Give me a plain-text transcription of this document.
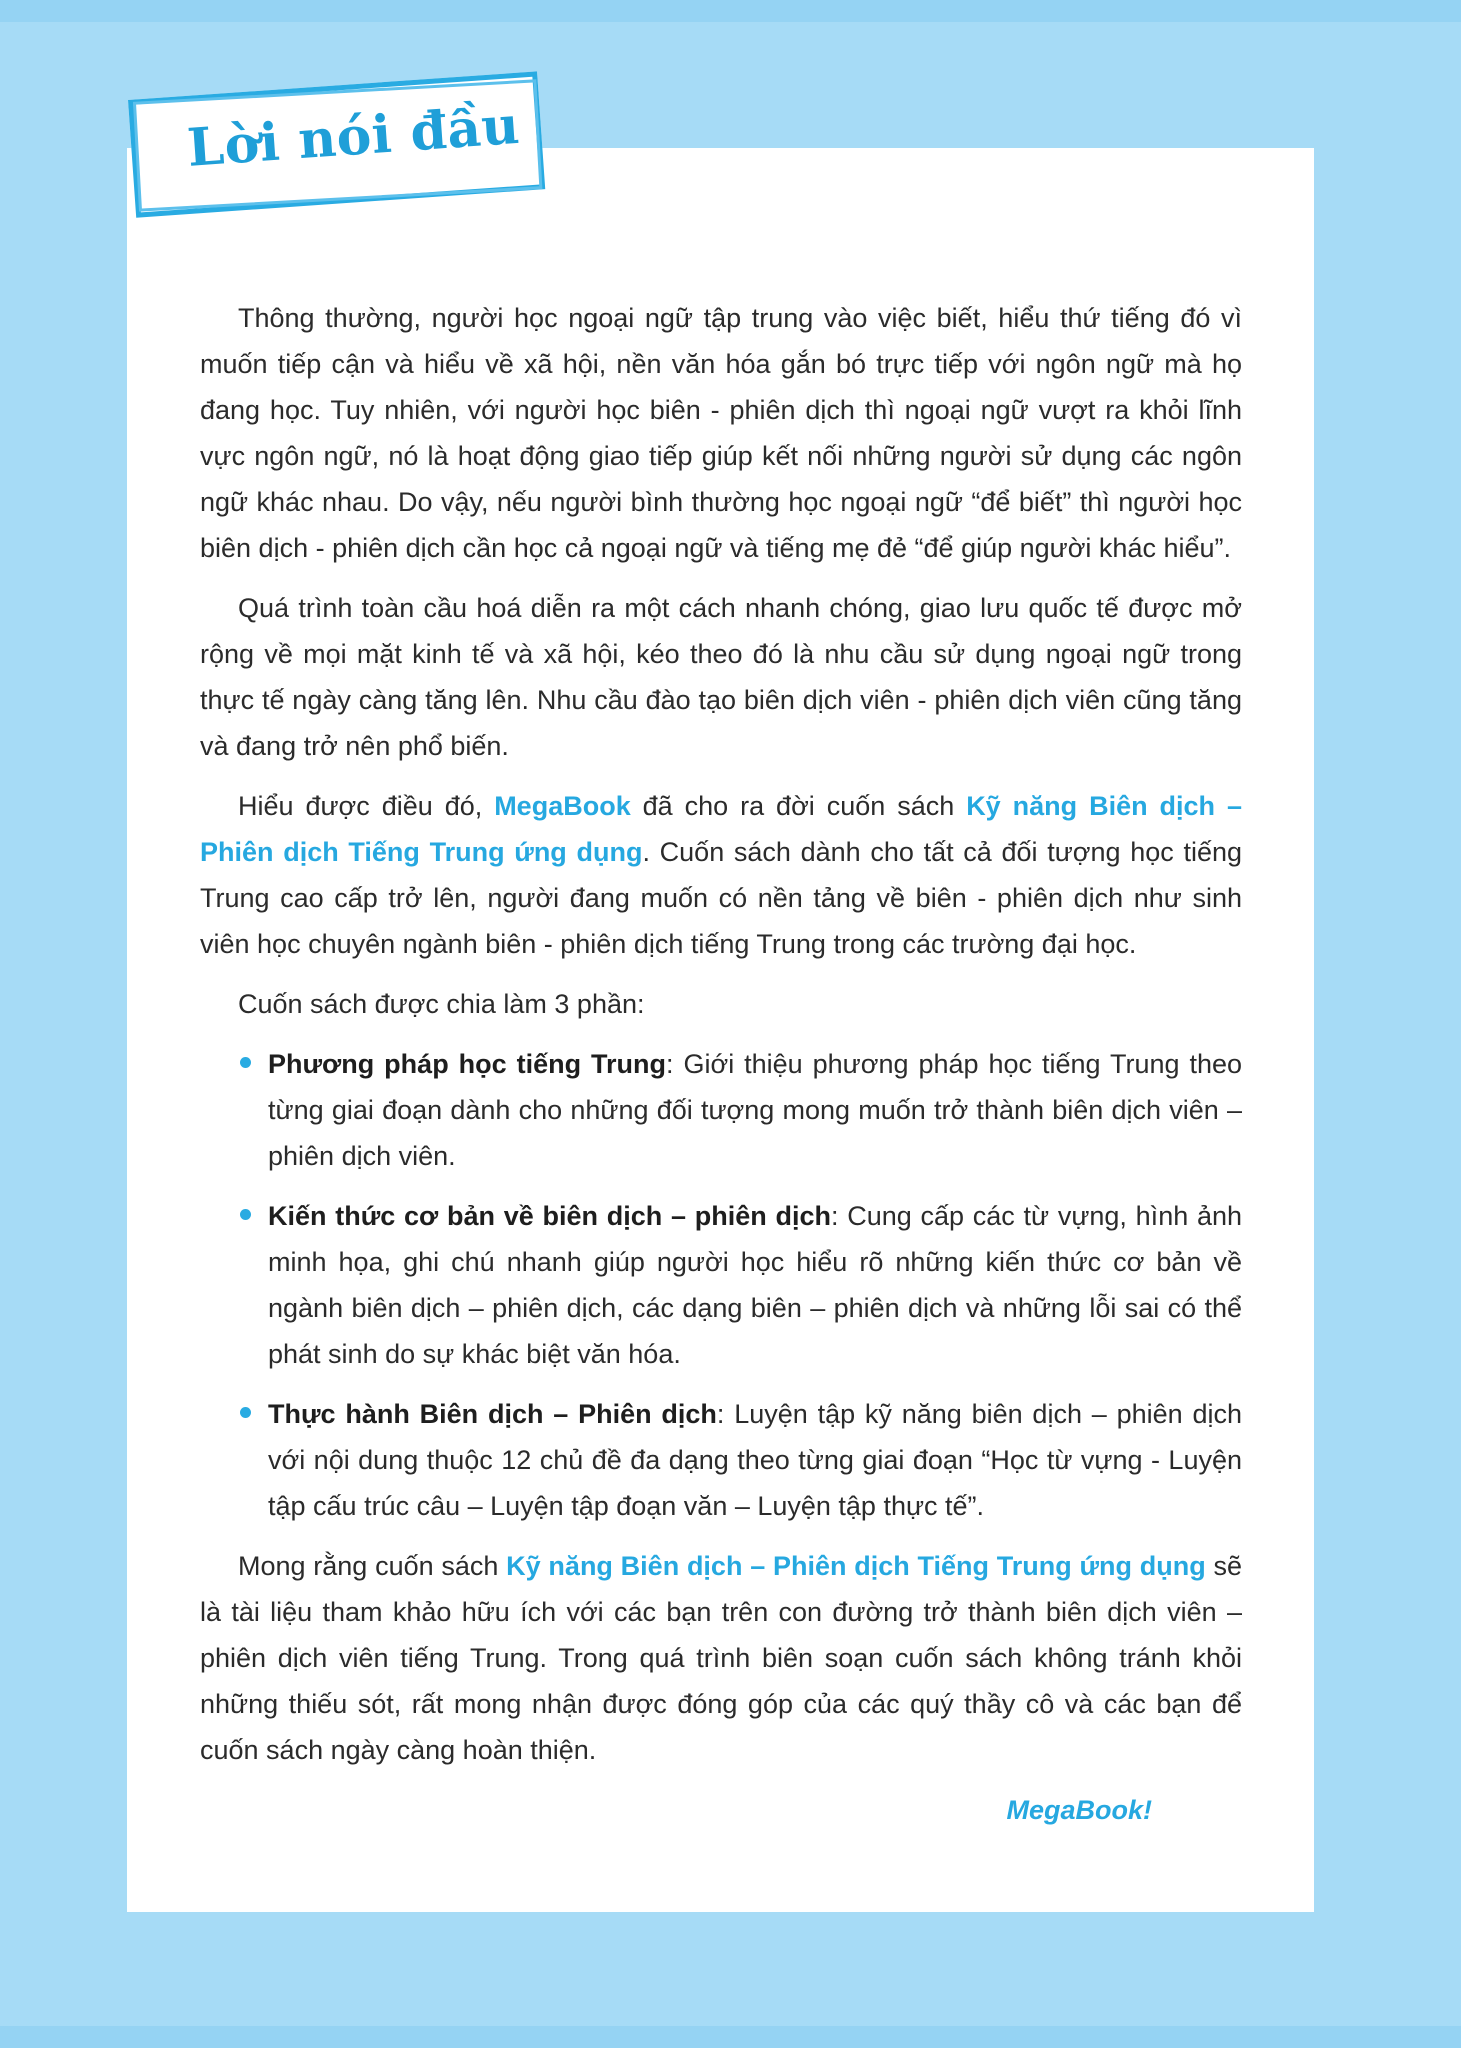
Lời nói đầu

Thông thường, người học ngoại ngữ tập trung vào việc biết, hiểu thứ tiếng đó vì muốn tiếp cận và hiểu về xã hội, nền văn hóa gắn bó trực tiếp với ngôn ngữ mà họ đang học. Tuy nhiên, với người học biên - phiên dịch thì ngoại ngữ vượt ra khỏi lĩnh vực ngôn ngữ, nó là hoạt động giao tiếp giúp kết nối những người sử dụng các ngôn ngữ khác nhau. Do vậy, nếu người bình thường học ngoại ngữ “để biết” thì người học biên dịch - phiên dịch cần học cả ngoại ngữ và tiếng mẹ đẻ “để giúp người khác hiểu”.

Quá trình toàn cầu hoá diễn ra một cách nhanh chóng, giao lưu quốc tế được mở rộng về mọi mặt kinh tế và xã hội, kéo theo đó là nhu cầu sử dụng ngoại ngữ trong thực tế ngày càng tăng lên. Nhu cầu đào tạo biên dịch viên - phiên dịch viên cũng tăng và đang trở nên phổ biến.

Hiểu được điều đó, MegaBook đã cho ra đời cuốn sách Kỹ năng Biên dịch – Phiên dịch Tiếng Trung ứng dụng. Cuốn sách dành cho tất cả đối tượng học tiếng Trung cao cấp trở lên, người đang muốn có nền tảng về biên - phiên dịch như sinh viên học chuyên ngành biên - phiên dịch tiếng Trung trong các trường đại học.

Cuốn sách được chia làm 3 phần:

Phương pháp học tiếng Trung: Giới thiệu phương pháp học tiếng Trung theo từng giai đoạn dành cho những đối tượng mong muốn trở thành biên dịch viên – phiên dịch viên.
Kiến thức cơ bản về biên dịch – phiên dịch: Cung cấp các từ vựng, hình ảnh minh họa, ghi chú nhanh giúp người học hiểu rõ những kiến thức cơ bản về ngành biên dịch – phiên dịch, các dạng biên – phiên dịch và những lỗi sai có thể phát sinh do sự khác biệt văn hóa.
Thực hành Biên dịch – Phiên dịch: Luyện tập kỹ năng biên dịch – phiên dịch với nội dung thuộc 12 chủ đề đa dạng theo từng giai đoạn “Học từ vựng - Luyện tập cấu trúc câu – Luyện tập đoạn văn – Luyện tập thực tế”.

Mong rằng cuốn sách Kỹ năng Biên dịch – Phiên dịch Tiếng Trung ứng dụng sẽ là tài liệu tham khảo hữu ích với các bạn trên con đường trở thành biên dịch viên – phiên dịch viên tiếng Trung. Trong quá trình biên soạn cuốn sách không tránh khỏi những thiếu sót, rất mong nhận được đóng góp của các quý thầy cô và các bạn để cuốn sách ngày càng hoàn thiện.

MegaBook!
